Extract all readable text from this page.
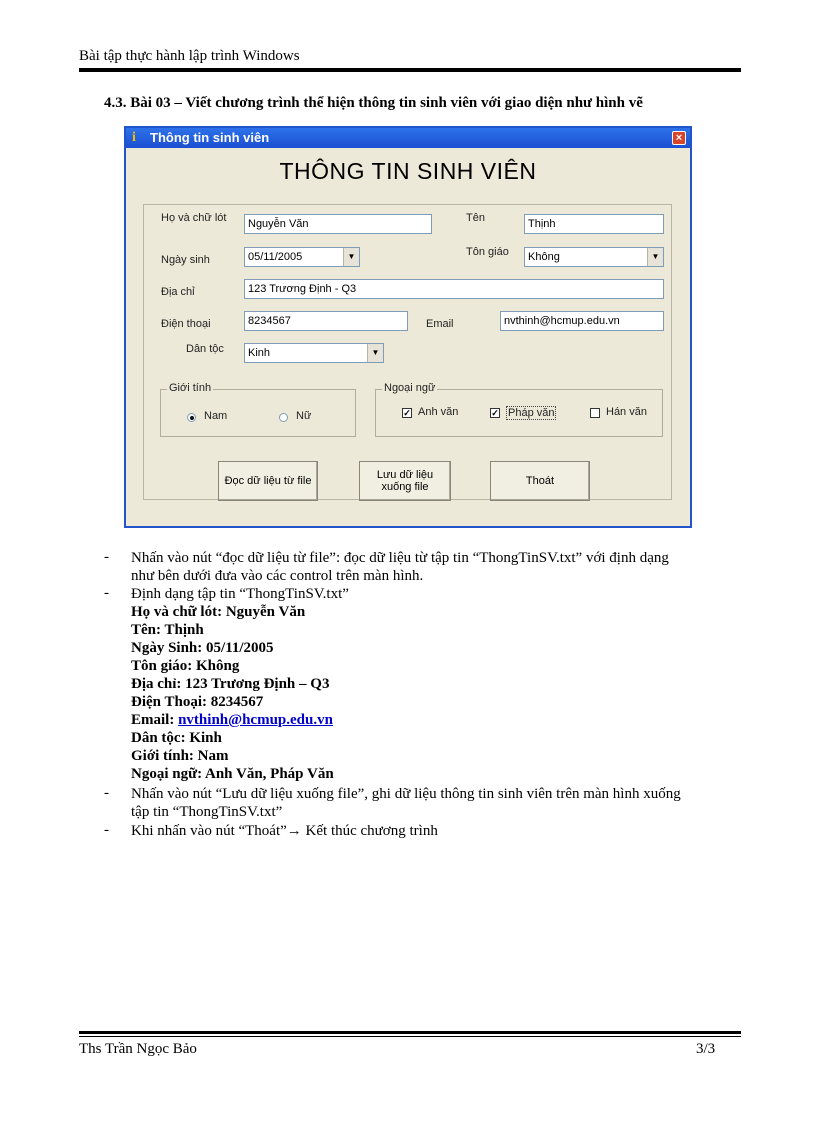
Bài tập thực hành lập trình Windows
4.3. Bài 03 – Viết chương trình thể hiện thông tin sinh viên với giao diện như hình vẽ
i	Thông tin sinh viên	×
THÔNG TIN SINH VIÊN
Họ và chữ lót	Nguyễn Văn	Tên	Thịnh
Ngày sinh	05/11/2005	▼	Tôn giáo	Không	▼
Địa chỉ	123 Trương Định - Q3
Điện thoại	8234567	Email	nvthinh@hcmup.edu.vn
Dân tộc	Kinh	▼
Giới tính
Nam	Nữ
Ngoại ngữ
✓ Anh văn	✓ Pháp văn	Hán văn
Đọc dữ liệu từ file	Lưu dữ liệu
xuống file	Thoát
- Nhấn vào nút “đọc dữ liệu từ file”: đọc dữ liệu từ tập tin “ThongTinSV.txt” với định dạng
như bên dưới đưa vào các control trên màn hình.
- Định dạng tập tin “ThongTinSV.txt”
Họ và chữ lót: Nguyễn Văn
Tên: Thịnh
Ngày Sinh: 05/11/2005
Tôn giáo: Không
Địa chỉ: 123 Trương Định – Q3
Điện Thoại: 8234567
Email: nvthinh@hcmup.edu.vn
Dân tộc: Kinh
Giới tính: Nam
Ngoại ngữ: Anh Văn, Pháp Văn
- Nhấn vào nút “Lưu dữ liệu xuống file”, ghi dữ liệu thông tin sinh viên trên màn hình xuống
tập tin “ThongTinSV.txt”
- Khi nhấn vào nút “Thoát”→ Kết thúc chương trình
Ths Trần Ngọc Bảo	3/3
